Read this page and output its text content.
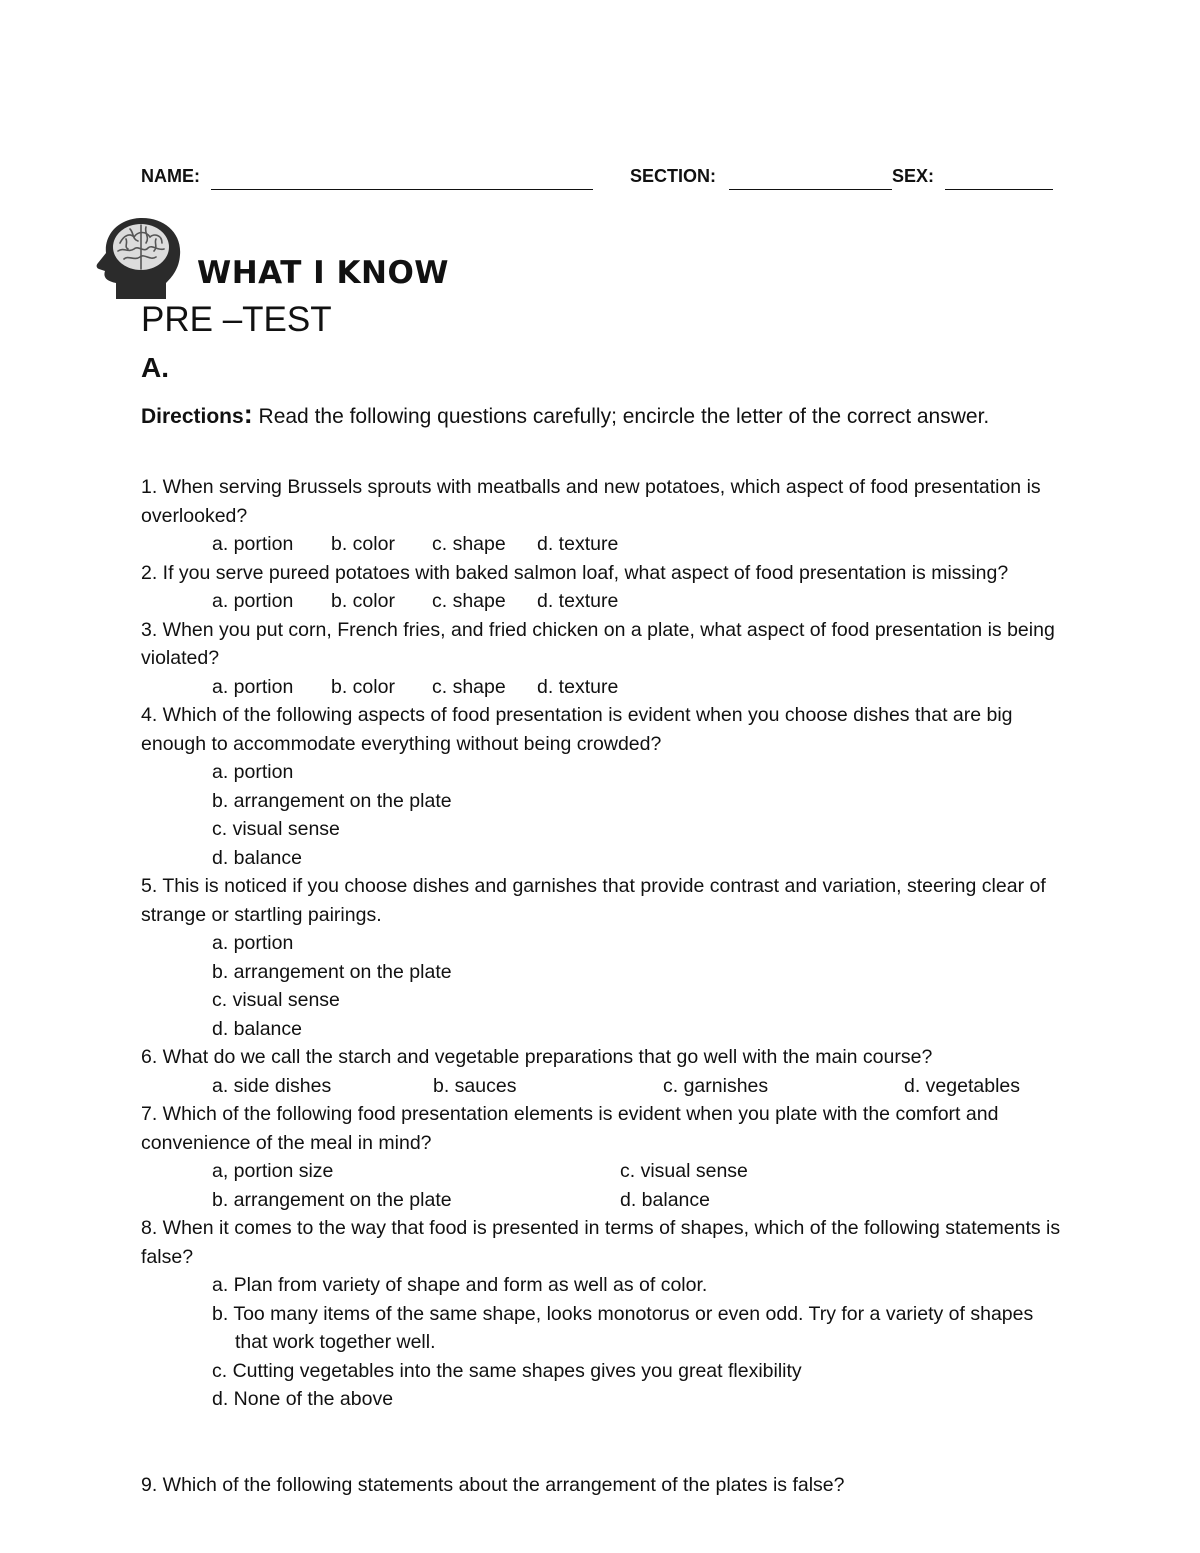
NAME:	SECTION:	SEX:
WHAT I KNOW
PRE –TEST
A.
Directions: Read the following questions carefully; encircle the letter of the correct answer.

1. When serving Brussels sprouts with meatballs and new potatoes, which aspect of food presentation is overlooked?

a. portion b. color c. shape d. texture

2. If you serve pureed potatoes with baked salmon loaf, what aspect of food presentation is missing?

a. portion b. color c. shape d. texture

3. When you put corn, French fries, and fried chicken on a plate, what aspect of food presentation is being violated?

a. portion b. color c. shape d. texture

4. Which of the following aspects of food presentation is evident when you choose dishes that are big enough to accommodate everything without being crowded?

a. portion
b. arrangement on the plate
c. visual sense
d. balance

5. This is noticed if you choose dishes and garnishes that provide contrast and variation, steering clear of strange or startling pairings.

a. portion
b. arrangement on the plate
c. visual sense
d. balance

6. What do we call the starch and vegetable preparations that go well with the main course?

a. side dishes	b. sauces	c. garnishes	d. vegetables

7. Which of the following food presentation elements is evident when you plate with the comfort and convenience of the meal in mind?

a, portion size	c. visual sense
b. arrangement on the plate	d. balance

8. When it comes to the way that food is presented in terms of shapes, which of the following statements is false?

a. Plan from variety of shape and form as well as of color.
b. Too many items of the same shape, looks monotorus or even odd. Try for a variety of shapes that work together well.
c. Cutting vegetables into the same shapes gives you great flexibility
d. None of the above

9. Which of the following statements about the arrangement of the plates is false?
